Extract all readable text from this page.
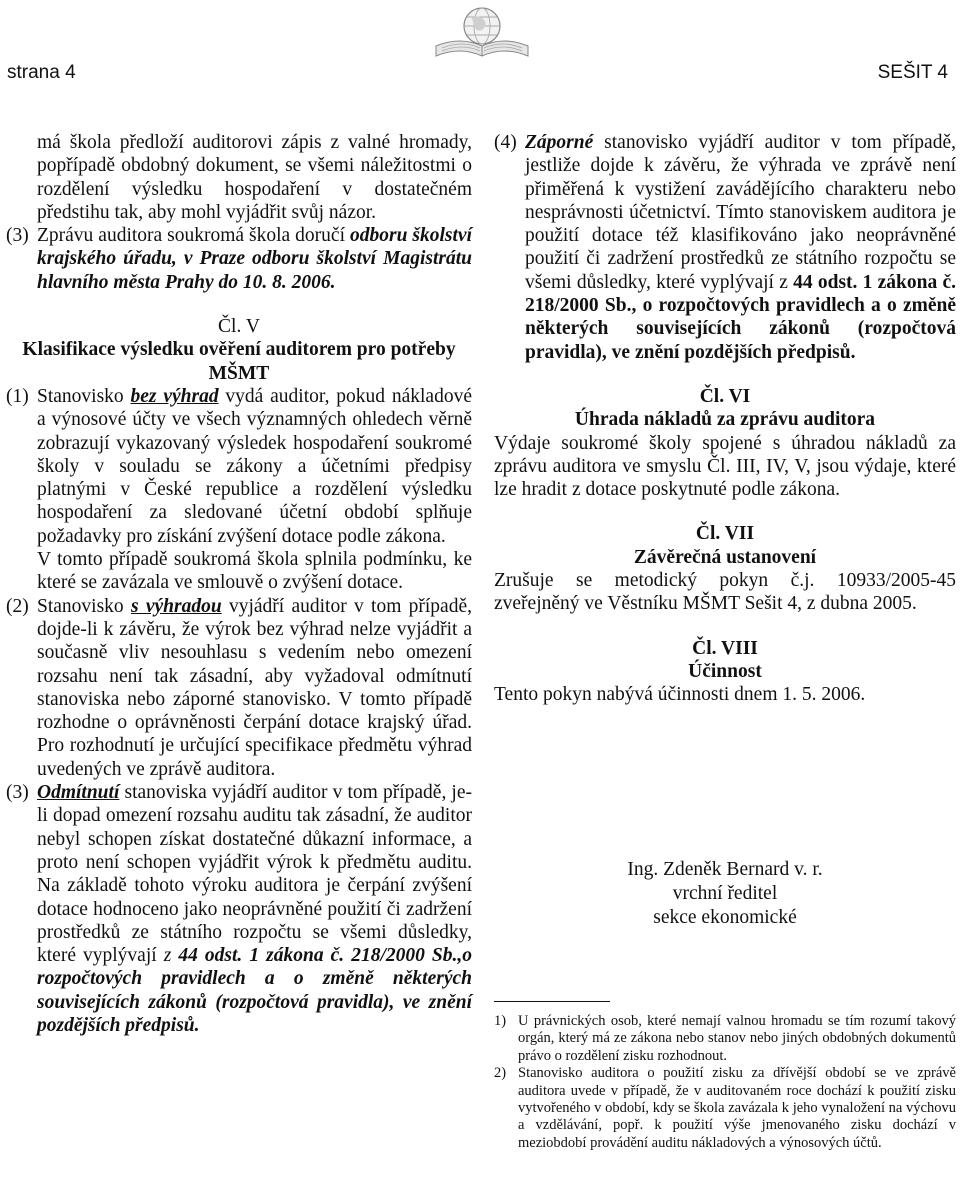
strana 4	SEŠIT 4

má škola předloží auditorovi zápis z valné hromady, popřípadě obdobný dokument, se všemi náležitostmi o rozdělení výsledku hospodaření v dostatečném předstihu tak, aby mohl vyjádřit svůj názor.

(3) Zprávu auditora soukromá škola doručí odboru školství krajského úřadu, v Praze odboru školství Magistrátu hlavního města Prahy do 10. 8. 2006.
Čl. V
Klasifikace výsledku ověření auditorem pro potřeby MŠMT
(1) Stanovisko bez výhrad vydá auditor, pokud nákladové a výnosové účty ve všech významných ohledech věrně zobrazují vykazovaný výsledek hospodaření soukromé školy v souladu se zákony a účetními předpisy platnými v České republice a rozdělení výsledku hospodaření za sledované účetní období splňuje požadavky pro získání zvýšení dotace podle zákona.

V tomto případě soukromá škola splnila podmínku, ke které se zavázala ve smlouvě o zvýšení dotace.

(2) Stanovisko s výhradou vyjádří auditor v tom případě, dojde-li k závěru, že výrok bez výhrad nelze vyjádřit a současně vliv nesouhlasu s vedením nebo omezení rozsahu není tak zásadní, aby vyžadoval odmítnutí stanoviska nebo záporné stanovisko. V tomto případě rozhodne o oprávněnosti čerpání dotace krajský úřad. Pro rozhodnutí je určující specifikace předmětu výhrad uvedených ve zprávě auditora.
(3) Odmítnutí stanoviska vyjádří auditor v tom případě, je-li dopad omezení rozsahu auditu tak zásadní, že auditor nebyl schopen získat dostatečné důkazní informace, a proto není schopen vyjádřit výrok k předmětu auditu. Na základě tohoto výroku auditora je čerpání zvýšení dotace hodnoceno jako neoprávněné použití či zadržení prostředků ze státního rozpočtu se všemi důsledky, které vyplývají z 44 odst. 1 zákona č. 218/2000 Sb.,o rozpočtových pravidlech a o změně některých souvisejících zákonů (rozpočtová pravidla), ve znění pozdějších předpisů.
(4) Záporné stanovisko vyjádří auditor v tom případě, jestliže dojde k závěru, že výhrada ve zprávě není přiměřená k vystižení zavádějícího charakteru nebo nesprávnosti účetnictví. Tímto stanoviskem auditora je použití dotace též klasifikováno jako neoprávněné použití či zadržení prostředků ze státního rozpočtu se všemi důsledky, které vyplývají z 44 odst. 1 zákona č. 218/2000 Sb., o rozpočtových pravidlech a o změně některých souvisejících zákonů (rozpočtová pravidla), ve znění pozdějších předpisů.
Čl. VI
Úhrada nákladů za zprávu auditora

Výdaje soukromé školy spojené s úhradou nákladů za zprávu auditora ve smyslu Čl. III, IV, V, jsou výdaje, které lze hradit z dotace poskytnuté podle zákona.

Čl. VII
Závěrečná ustanovení

Zrušuje se metodický pokyn č.j. 10933/2005-45 zveřejněný ve Věstníku MŠMT Sešit 4, z dubna 2005.

Čl. VIII
Účinnost

Tento pokyn nabývá účinnosti dnem 1. 5. 2006.

Ing. Zdeněk Bernard v. r.
vrchní ředitel
sekce ekonomické
1) U právnických osob, které nemají valnou hromadu se tím rozumí takový orgán, který má ze zákona nebo stanov nebo jiných obdobných dokumentů právo o rozdělení zisku rozhodnout.
2) Stanovisko auditora o použití zisku za dřívější období se ve zprávě auditora uvede v případě, že v auditovaném roce dochází k použití zisku vytvořeného v období, kdy se škola zavázala k jeho vynaložení na výchovu a vzdělávání, popř. k použití výše jmenovaného zisku dochází v meziobdobí provádění auditu nákladových a výnosových účtů.
